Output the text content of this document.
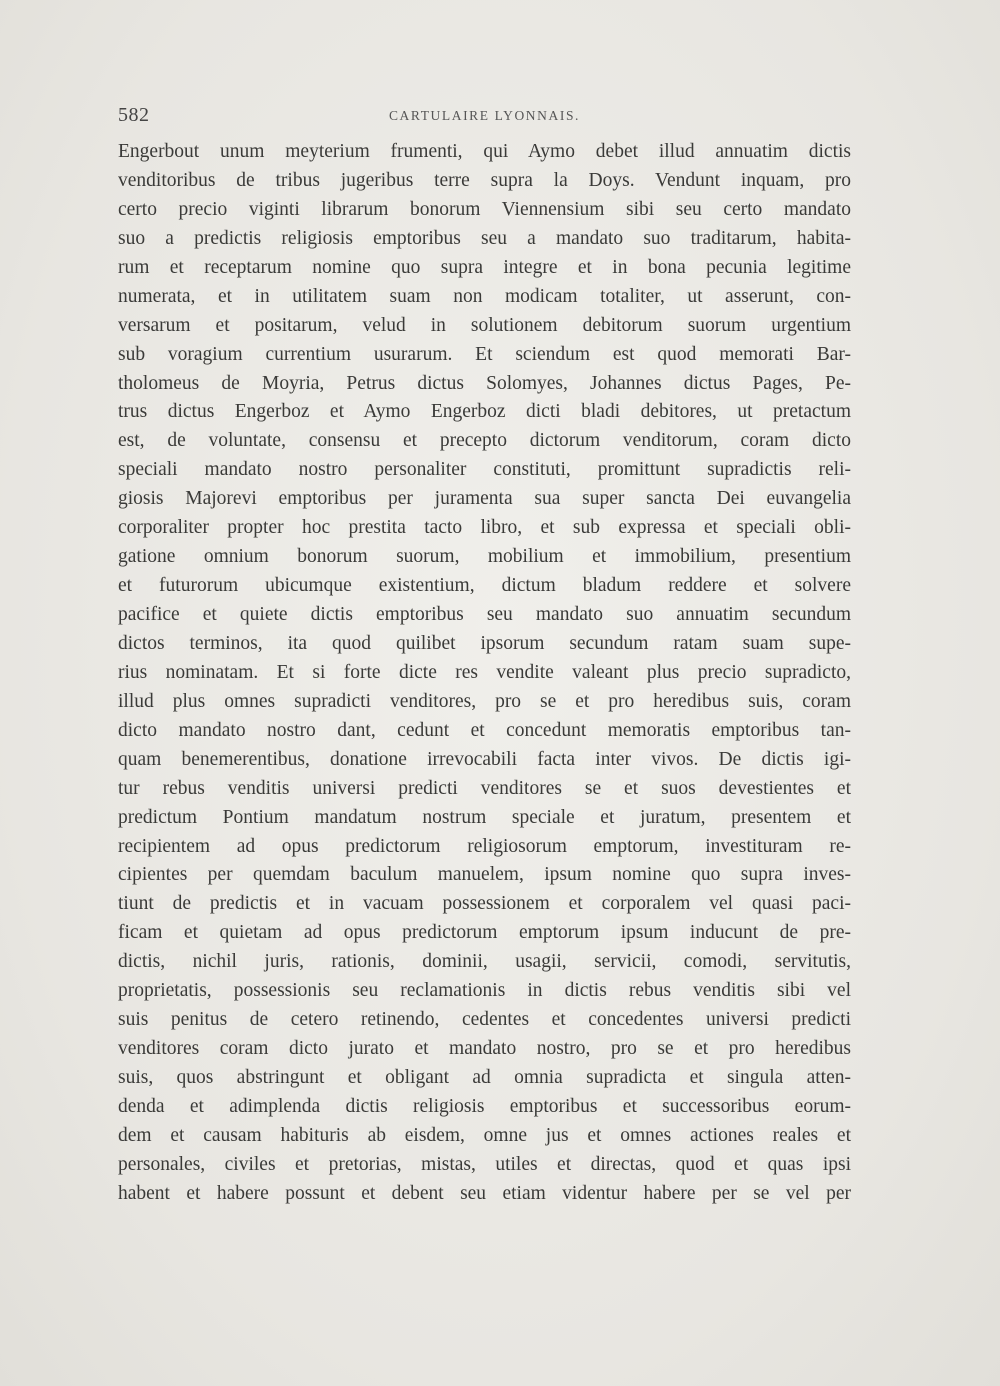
582	CARTULAIRE LYONNAIS.
Engerbout unum meyterium frumenti, qui Aymo debet illud annuatim dictis
venditoribus de tribus jugeribus terre supra la Doys. Vendunt inquam, pro
certo precio viginti librarum bonorum Viennensium sibi seu certo mandato
suo a predictis religiosis emptoribus seu a mandato suo traditarum, habita-
rum et receptarum nomine quo supra integre et in bona pecunia legitime
numerata, et in utilitatem suam non modicam totaliter, ut asserunt, con-
versarum et positarum, velud in solutionem debitorum suorum urgentium
sub voragium currentium usurarum. Et sciendum est quod memorati Bar-
tholomeus de Moyria, Petrus dictus Solomyes, Johannes dictus Pages, Pe-
trus dictus Engerboz et Aymo Engerboz dicti bladi debitores, ut pretactum
est, de voluntate, consensu et precepto dictorum venditorum, coram dicto
speciali mandato nostro personaliter constituti, promittunt supradictis reli-
giosis Majorevi emptoribus per juramenta sua super sancta Dei euvangelia
corporaliter propter hoc prestita tacto libro, et sub expressa et speciali obli-
gatione omnium bonorum suorum, mobilium et immobilium, presentium
et futurorum ubicumque existentium, dictum bladum reddere et solvere
pacifice et quiete dictis emptoribus seu mandato suo annuatim secundum
dictos terminos, ita quod quilibet ipsorum secundum ratam suam supe-
rius nominatam. Et si forte dicte res vendite valeant plus precio supradicto,
illud plus omnes supradicti venditores, pro se et pro heredibus suis, coram
dicto mandato nostro dant, cedunt et concedunt memoratis emptoribus tan-
quam benemerentibus, donatione irrevocabili facta inter vivos. De dictis igi-
tur rebus venditis universi predicti venditores se et suos devestientes et
predictum Pontium mandatum nostrum speciale et juratum, presentem et
recipientem ad opus predictorum religiosorum emptorum, investituram re-
cipientes per quemdam baculum manuelem, ipsum nomine quo supra inves-
tiunt de predictis et in vacuam possessionem et corporalem vel quasi paci-
ficam et quietam ad opus predictorum emptorum ipsum inducunt de pre-
dictis, nichil juris, rationis, dominii, usagii, servicii, comodi, servitutis,
proprietatis, possessionis seu reclamationis in dictis rebus venditis sibi vel
suis penitus de cetero retinendo, cedentes et concedentes universi predicti
venditores coram dicto jurato et mandato nostro, pro se et pro heredibus
suis, quos abstringunt et obligant ad omnia supradicta et singula atten-
denda et adimplenda dictis religiosis emptoribus et successoribus eorum-
dem et causam habituris ab eisdem, omne jus et omnes actiones reales et
personales, civiles et pretorias, mistas, utiles et directas, quod et quas ipsi
habent et habere possunt et debent seu etiam videntur habere per se vel per
